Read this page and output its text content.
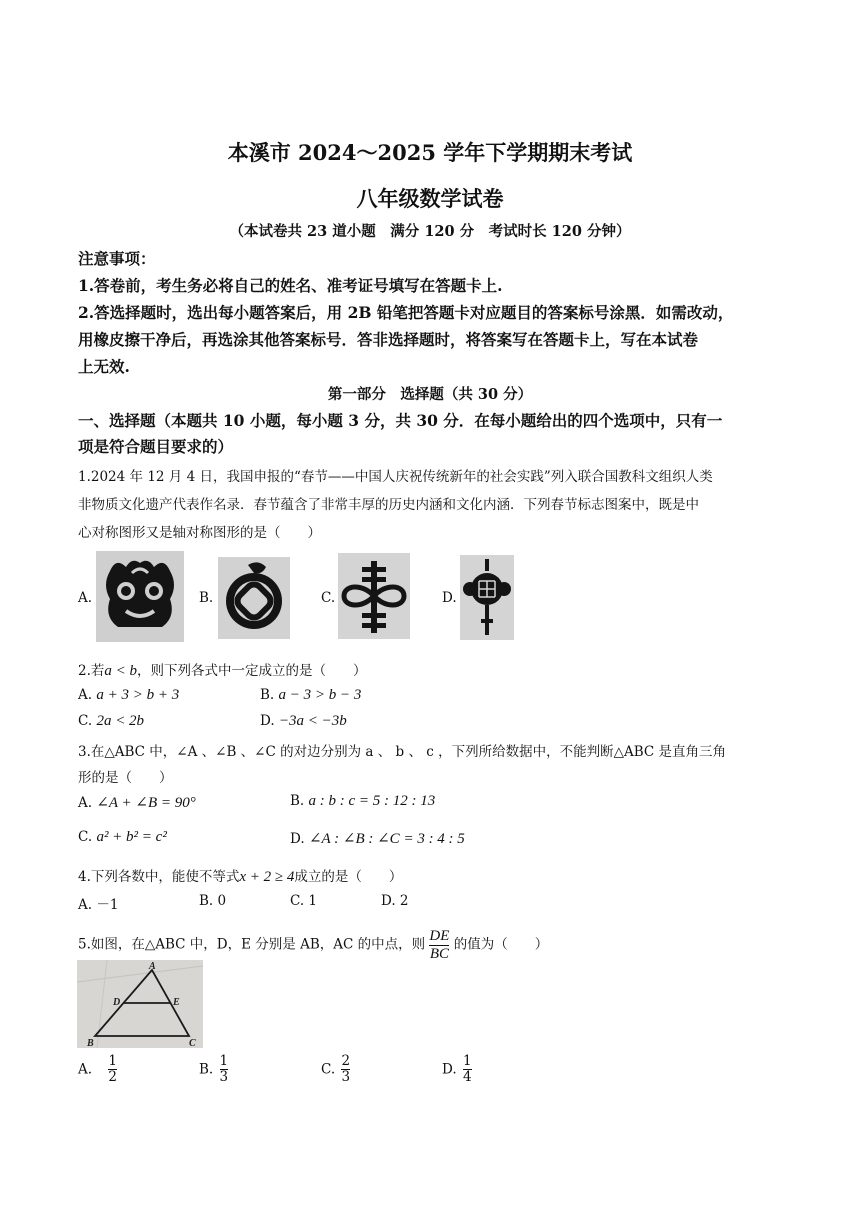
本溪市 2024～2025 学年下学期期末考试
八年级数学试卷
（本试卷共 23 道小题　满分 120 分　考试时长 120 分钟）
注意事项：
1.答卷前，考生务必将自己的姓名、准考证号填写在答题卡上.
2.答选择题时，选出每小题答案后，用 2B 铅笔把答题卡对应题目的答案标号涂黑．如需改动，
用橡皮擦干净后，再选涂其他答案标号．答非选择题时，将答案写在答题卡上，写在本试卷
上无效.
第一部分　选择题（共 30 分）
一、选择题（本题共 10 小题，每小题 3 分，共 30 分．在每小题给出的四个选项中，只有一
项是符合题目要求的）
1.2024 年 12 月 4 日，我国申报的“春节——中国人庆祝传统新年的社会实践”列入联合国教科文组织人类
非物质文化遗产代表作名录．春节蕴含了非常丰厚的历史内涵和文化内涵．下列春节标志图案中，既是中
心对称图形又是轴对称图形的是（　　）
A.	B.	C.	D.
2.若a < b，则下列各式中一定成立的是（　　）
A. a + 3 > b + 3	B. a − 3 > b − 3
C. 2a < 2b	D. −3a < −3b
3.在△ABC 中，∠A 、∠B 、∠C 的对边分别为 a 、 b 、 c ，下列所给数据中，不能判断△ABC 是直角三角
形的是（　　）
A. ∠A + ∠B = 90°	B. a : b : c = 5 : 12 : 13
C. a² + b² = c²	D. ∠A : ∠B : ∠C = 3 : 4 : 5
4.下列各数中，能使不等式x + 2 ≥ 4成立的是（　　）
A. －1	B. 0	C. 1	D. 2
5.如图，在△ABC 中，D，E 分别是 AB，AC 的中点，则 $\frac{DE}{BC}$ 的值为（　　）
A
D	E
B	C
A. $\frac{1}{2}$	B. $\frac{1}{3}$	C. $\frac{2}{3}$	D. $\frac{1}{4}$
